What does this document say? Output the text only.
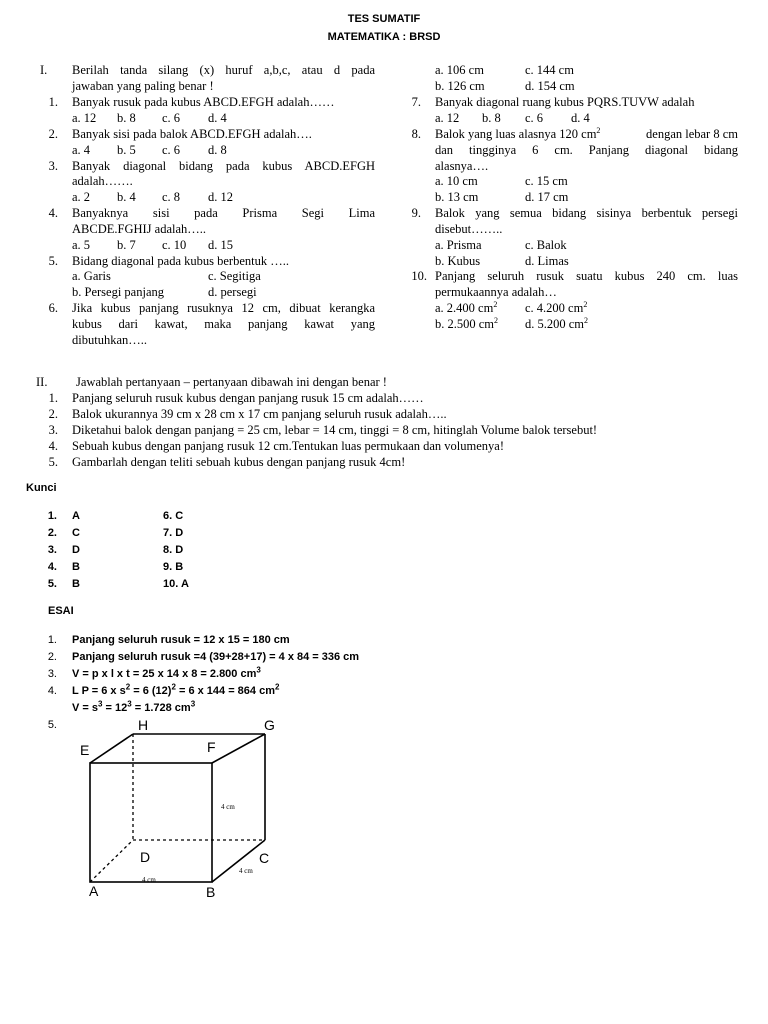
TES SUMATIF
MATEMATIKA : BRSD
I. Berilah tanda silang (x) huruf a,b,c, atau d pada
jawaban yang paling benar !
1. Banyak rusuk pada kubus ABCD.EFGH adalah……
a. 12 b. 8 c. 6 d. 4
2. Banyak sisi pada balok ABCD.EFGH adalah….
a. 4 b. 5 c. 6 d. 8
3. Banyak diagonal bidang pada kubus ABCD.EFGH
adalah…….
a. 2 b. 4 c. 8 d. 12
4. Banyaknya sisi pada Prisma Segi Lima
ABCDE.FGHIJ adalah…..
a. 5 b. 7 c. 10 d. 15
5. Bidang diagonal pada kubus berbentuk …..
a. Garis	c. Segitiga
b. Persegi panjang	d. persegi
6. Jika kubus panjang rusuknya 12 cm, dibuat kerangka
kubus dari kawat, maka panjang kawat yang
dibutuhkan…..
a. 106 cm	c. 144 cm
b. 126 cm	d. 154 cm
7. Banyak diagonal ruang kubus PQRS.TUVW adalah
a. 12 b. 8 c. 6 d. 4
8. Balok yang luas alasnya 120 $cm^2$	dengan lebar 8 cm
dan tingginya 6 cm. Panjang diagonal bidang
alasnya….
a. 10 cm	c. 15 cm
b. 13 cm	d. 17 cm
9. Balok yang semua bidang sisinya berbentuk persegi
disebut……..
a. Prisma	c. Balok
b. Kubus	d. Limas
10. Panjang seluruh rusuk suatu kubus 240 cm. luas
permukaannya adalah…
a. 2.400 $cm^2$ c. 4.200 $cm^2$
b. 2.500 $cm^2$ d. 5.200 $cm^2$
II. Jawablah pertanyaan – pertanyaan dibawah ini dengan benar !
1. Panjang seluruh rusuk kubus dengan panjang rusuk 15 cm adalah……
2. Balok ukurannya 39 cm x 28 cm x 17 cm panjang seluruh rusuk adalah…..
3. Diketahui balok dengan panjang = 25 cm, lebar = 14 cm, tinggi = 8 cm, hitinglah Volume balok tersebut!
4. Sebuah kubus dengan panjang rusuk 12 cm.Tentukan luas permukaan dan volumenya!
5. Gambarlah dengan teliti sebuah kubus dengan panjang rusuk 4cm!
Kunci
1. A	6. C
2. C	7. D
3. D	8. D
4. B	9. B
5. B	10. A
ESAI
1. Panjang seluruh rusuk = 12 x 15 = 180 cm
2. Panjang seluruh rusuk =4 (39+28+17) = 4 x 84 = 336 cm
3. V = p x l x t = 25 x 14 x 8 = 2.800 $cm^3$
4. L P = 6 x $s^2 = 6$ $(12)^2 = 6$ x 144 = 864 $cm^2$
$V = s^3 = 12^3 = 1.728$ $cm^3$
5.
E
H
F
G
D	C
A	B
4 cm
4 cm
4 cm
